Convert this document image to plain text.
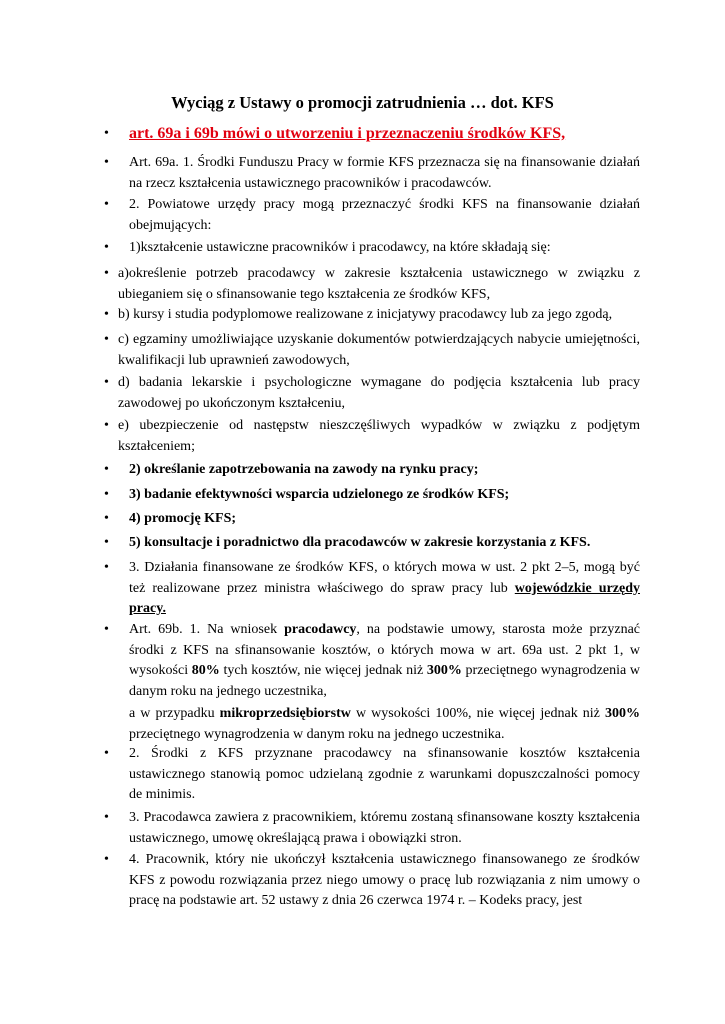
Wyciąg z Ustawy o promocji zatrudnienia … dot. KFS
•	art. 69a i 69b mówi o utworzeniu i przeznaczeniu środków KFS,
•	Art. 69a. 1. Środki Funduszu Pracy w formie KFS przeznacza się na finansowanie działań na rzecz kształcenia ustawicznego pracowników i pracodawców.
•	2. Powiatowe urzędy pracy mogą przeznaczyć środki KFS na finansowanie działań obejmujących:
•	1)kształcenie ustawiczne pracowników i pracodawcy, na które składają się:
• a)określenie potrzeb pracodawcy w zakresie kształcenia ustawicznego w związku z ubieganiem się o sfinansowanie tego kształcenia ze środków KFS,
• b) kursy i studia podyplomowe realizowane z inicjatywy pracodawcy lub za jego zgodą,
• c) egzaminy umożliwiające uzyskanie dokumentów potwierdzających nabycie umiejętności, kwalifikacji lub uprawnień zawodowych,
• d) badania lekarskie i psychologiczne wymagane do podjęcia kształcenia lub pracy zawodowej po ukończonym kształceniu,
• e) ubezpieczenie od następstw nieszczęśliwych wypadków w związku z podjętym kształceniem;
•	2) określanie zapotrzebowania na zawody na rynku pracy;
•	3) badanie efektywności wsparcia udzielonego ze środków KFS;
•	4) promocję KFS;
•	5) konsultacje i poradnictwo dla pracodawców w zakresie korzystania z KFS.
•	3. Działania finansowane ze środków KFS, o których mowa w ust. 2 pkt 2–5, mogą być też realizowane przez ministra właściwego do spraw pracy lub wojewódzkie urzędy pracy.
•	Art. 69b. 1. Na wniosek pracodawcy, na podstawie umowy, starosta może przyznać środki z KFS na sfinansowanie kosztów, o których mowa w art. 69a ust. 2 pkt 1, w wysokości 80% tych kosztów, nie więcej jednak niż 300% przeciętnego wynagrodzenia w danym roku na jednego uczestnika,
a w przypadku mikroprzedsiębiorstw w wysokości 100%, nie więcej jednak niż 300% przeciętnego wynagrodzenia w danym roku na jednego uczestnika.
•	2. Środki z KFS przyznane pracodawcy na sfinansowanie kosztów kształcenia ustawicznego stanowią pomoc udzielaną zgodnie z warunkami dopuszczalności pomocy de minimis.
•	3. Pracodawca zawiera z pracownikiem, któremu zostaną sfinansowane koszty kształcenia ustawicznego, umowę określającą prawa i obowiązki stron.
•	4. Pracownik, który nie ukończył kształcenia ustawicznego finansowanego ze środków KFS z powodu rozwiązania przez niego umowy o pracę lub rozwiązania z nim umowy o pracę na podstawie art. 52 ustawy z dnia 26 czerwca 1974 r. – Kodeks pracy, jest
